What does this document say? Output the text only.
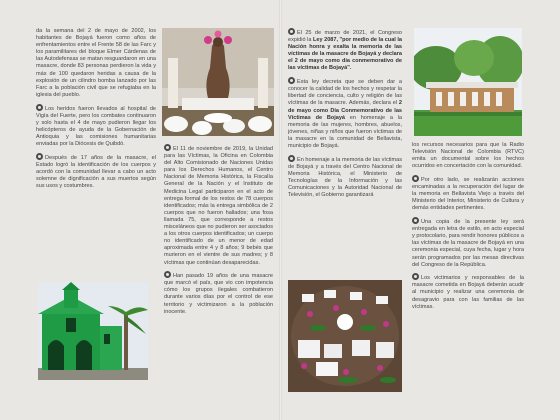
da la semana del 2 de mayo de 2002, los habitantes de Bojayá fueron como años de enfrentamientos entre el Frente 58 de las Farc y los paramilitares del bloque Elmer Cárdenas de las Autodefensas se matan resguardaron en una masacre, donde 83 personas perdieron la vida y más de 100 quedaron heridas a causa de la explosión de un cilindro bomba lanzado por las Farc a la población civil que se refugiaba en la iglesia del pueblo.

Los heridos fueron llevados al hospital de Vigía del Fuerte, pero los combates continuaron y solo hasta el 4 de mayo pudieron llegar los helicópteros de ayuda de la Gobernación de Antioquia y las comisiones humanitarias enviadas por la Diócesis de Quibdó.

Después de 17 años de la masacre, el Estado logró la identificación de los cuerpos y acordó con la comunidad llevar a cabo un acto solemne de dignificación a sus muertos según sus usos y costumbres.

El 11 de noviembre de 2019, la Unidad para las Víctimas, la Oficina en Colombia del Alto Comisionado de Naciones Unidas para los Derechos Humanos, el Centro Nacional de Memoria Histórica, la Fiscalía General de la Nación y el Instituto de Medicina Legal participaron en el acto de entrega formal de los restos de 78 cuerpos identificados; más la entrega simbólica de 2 cuerpos que no fueron hallados; una fosa llamada 75, que corresponde a restos misceláneos que no pudieron ser asociados a los otros cuerpos identificados; un cuerpo no identificado de un menor de edad aproximada entre 4 y 8 años; 9 bebés que murieron en el vientre de sus madres; y 8 víctimas que continúan desaparecidas.

Han pasado 19 años de una masacre que marcó el país, que vio con impotencia cómo los grupos ilegales combatieron durante varios días por el control de ese territorio y victimizaron a la población inocente.

El 25 de marzo de 2021, el Congreso expidió la Ley 2087, "por medio de la cual la Nación honra y exalta la memoria de las víctimas de la masacre de Bojayá y declara el 2 de mayo como día conmemorativo de las víctimas de Bojayá".

Esta ley decreta que se deben dar a conocer la calidad de los hechos y respetar la libertad de conciencia, culto y religión de las víctimas de la masacre. Además, declara el 2 de mayo como Día Conmemorativo de las Víctimas de Bojayá en homenaje a la memoria de las mujeres, hombres, abuelos, jóvenes, niñas y niños que fueron víctimas de la masacre en la comunidad de Bellavista, municipio de Bojayá.

En homenaje a la memoria de las víctimas de Bojayá y a través del Centro Nacional de Memoria Histórica, el Ministerio de Tecnologías de la Información y las Comunicaciones y la Autoridad Nacional de Televisión, el Gobierno garantizará

los recursos necesarios para que la Radio Televisión Nacional de Colombia (RTVC) emita un documental sobre los hechos ocurridos en concertación con la comunidad.

Por otro lado, se realizarán acciones encaminadas a la recuperación del lugar de la memoria en Bellavista Viejo a través del Ministerio del Interior, Ministerio de Cultura y demás entidades pertinentes.

Una copia de la presente ley será entregada en letra de estilo, en acto especial y protocolario, para rendir honores públicos a las víctimas de la masacre de Bojayá en una ceremonia especial, cuya fecha, lugar y hora serán programados por las mesas directivas del Congreso de la República.

Los victimarios y responsables de la masacre cometida en Bojayá deberán acudir al municipio y realizar una ceremonia de desagravio para con las familias de las víctimas.
